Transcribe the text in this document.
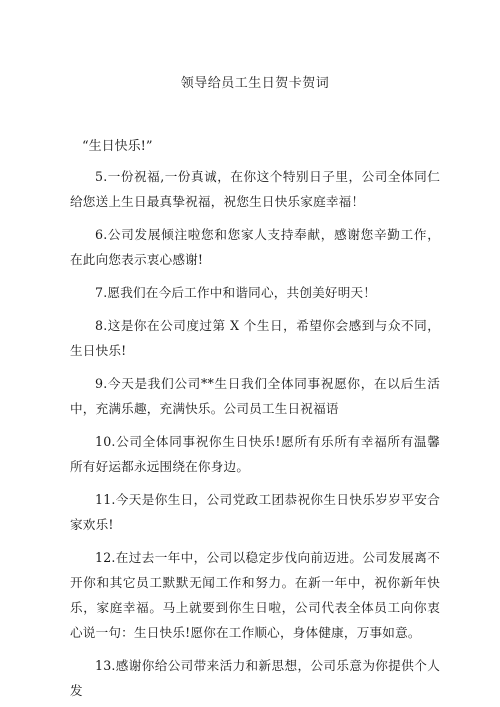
领导给员工生日贺卡贺词
“生日快乐!”

5.一份祝福,一份真诚，在你这个特别日子里，公司全体同仁给您送上生日最真挚祝福，祝您生日快乐家庭幸福！

6.公司发展倾注啦您和您家人支持奉献，感谢您辛勤工作，在此向您表示衷心感谢!

7.愿我们在今后工作中和谐同心，共创美好明天！

8.这是你在公司度过第 X 个生日，希望你会感到与众不同，生日快乐!

9.今天是我们公司**生日我们全体同事祝愿你，在以后生活中，充满乐趣，充满快乐。公司员工生日祝福语

10.公司全体同事祝你生日快乐!愿所有乐所有幸福所有温馨所有好运都永远围绕在你身边。

11.今天是你生日，公司党政工团恭祝你生日快乐岁岁平安合家欢乐!

12.在过去一年中，公司以稳定步伐向前迈进。公司发展离不开你和其它员工默默无闻工作和努力。在新一年中，祝你新年快乐，家庭幸福。马上就要到你生日啦，公司代表全体员工向你衷心说一句：生日快乐!愿你在工作顺心，身体健康，万事如意。

13.感谢你给公司带来活力和新思想，公司乐意为你提供个人发
